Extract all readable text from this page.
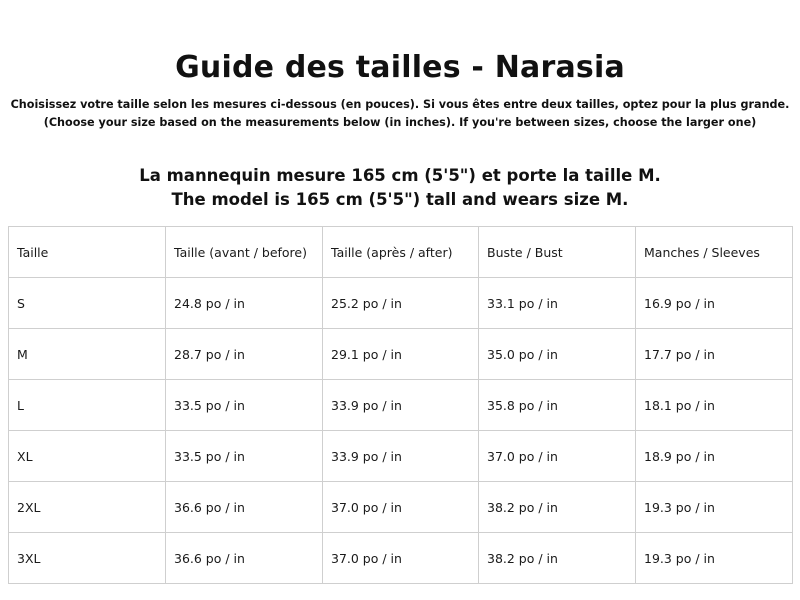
Guide des tailles - Narasia
Choisissez votre taille selon les mesures ci-dessous (en pouces). Si vous êtes entre deux tailles, optez pour la plus grande.
(Choose your size based on the measurements below (in inches). If you're between sizes, choose the larger one)
La mannequin mesure 165 cm (5'5") et porte la taille M.
The model is 165 cm (5'5") tall and wears size M.
Taille	Taille (avant / before)	Taille (après / after)	Buste / Bust	Manches / Sleeves
S	24.8 po / in	25.2 po / in	33.1 po / in	16.9 po / in
M	28.7 po / in	29.1 po / in	35.0 po / in	17.7 po / in
L	33.5 po / in	33.9 po / in	35.8 po / in	18.1 po / in
XL	33.5 po / in	33.9 po / in	37.0 po / in	18.9 po / in
2XL	36.6 po / in	37.0 po / in	38.2 po / in	19.3 po / in
3XL	36.6 po / in	37.0 po / in	38.2 po / in	19.3 po / in
